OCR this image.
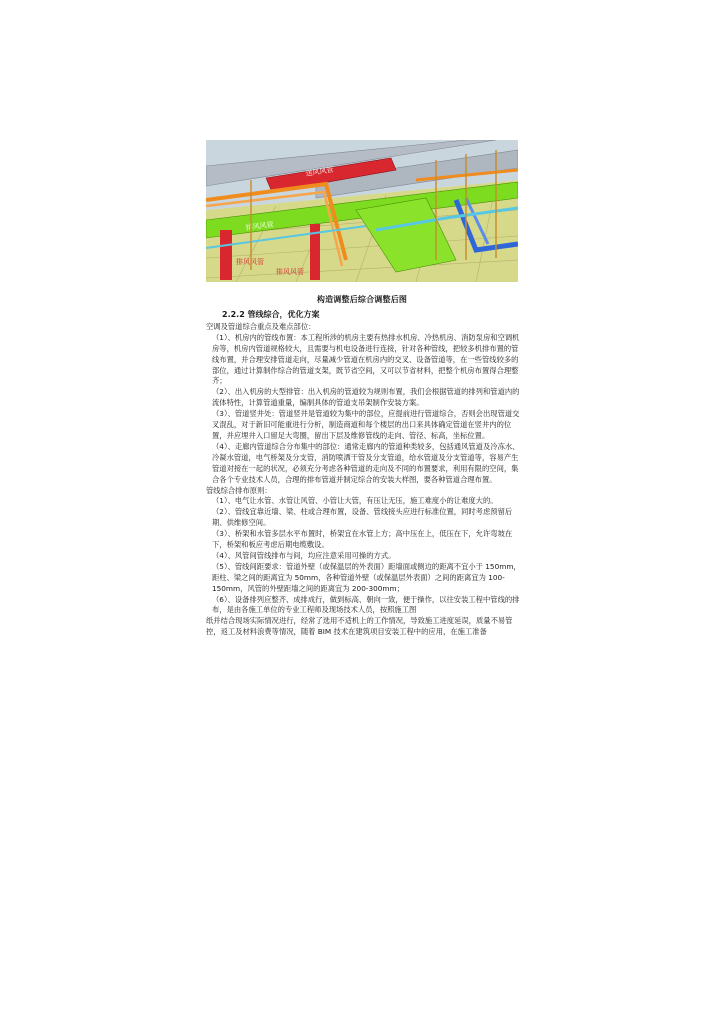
送风风管
排风风管
排风风管
排风风管
构造调整后综合调整后图

2.2.2 管线综合，优化方案

空调及管道综合重点及难点部位：

（1）、机房内的管线布置：本工程所涉的机房主要有热排水机房、冷热机房、消防泵房和空调机房等，机房内管道规格较大，且需要与机电设备进行连接，针对各种管线，把较多机排布置的管线布置，并合理安排管道走向，尽量减少管道在机房内的交叉、设备管道等，在一些管线较多的部位，通过计算制作综合的管道支架，既节省空间，又可以节省材料，把整个机房布置得合理整齐；

（2）、出入机房的大型排管：出入机房的管道较为规则布置，我们会根据管道的排列和管道内的流体特性，计算管道重量，编制具体的管道支吊架制作安装方案。

（3）、管道竖井处：管道竖井是管道较为集中的部位，应提前进行管道综合，否则会出现管道交叉混乱，对于新旧可能重进行分析，制造商道和每个楼层的出口来具体确定管道在竖井内的位置，并应埋井入口留足大弯圈，留出下层及维修管线的走向、管径、标高，坐标位置。

（4）、走廊内管道综合分布集中的部位：通常走廊内的管道种类较多，包括通风管道及冷冻水、冷凝水管道，电气桥架及分支管，消防喷洒干管及分支管道，给水管道及分支管道等，容易产生管道对接在一起的状况，必须充分考虑各种管道的走向及不同的布置要求，利用有限的空间，集合各个专业技术人员，合理的排布管道并制定综合的安装大样图，要各种管道合理布置。

管线综合排布原则：

（1）、电气让水管、水管让风管、小管让大管，有压让无压，施工难度小的让难度大的。

（2）、管线宜靠近墙、梁、柱或合理布置，设备、管线接头应进行标准位置，同时考虑预留后期、供维修空间。

（3）、桥架和水管多层水平布置时，桥架宜在水管上方；高中压在上，低压在下，允许弯坡在下，桥架和板应考虑后期电缆敷设。

（4）、风管间管线排布与间，均应注意采用可操的方式。

（5）、管线间距要求：管道外壁（或保温层的外表面）距墙面或侧边的距离不宜小于 150mm，距柱、梁之间的距离宜为 50mm，各种管道外壁（或保温层外表面）之间的距离宜为 100-150mm，风管的外壁距墙之间的距离宜为 200-300mm；

（6）、设备排列应整齐、成排成行，做到标高、朝向一致，便于操作，以往安装工程中管线的排布，是由各施工单位的专业工程师及现场技术人员，按照施工图

纸并结合现场实际情况进行，经常了选用不适机上的工作情况，导致施工进度延误，质量不易管控，返工及材料浪费等情况，随着 BIM 技术在建筑项目安装工程中的应用，在施工准备
